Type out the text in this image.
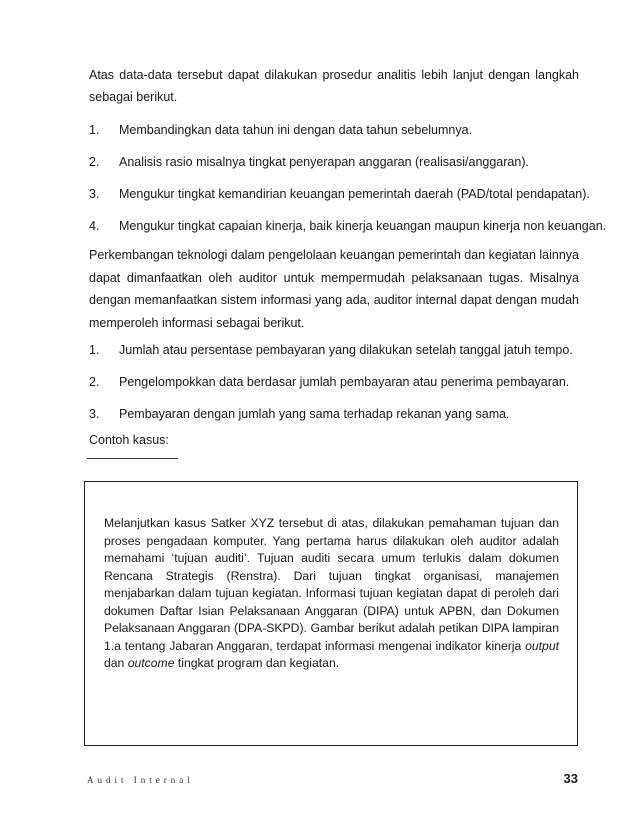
Atas data-data tersebut dapat dilakukan prosedur analitis lebih lanjut dengan langkah sebagai berikut.

1. Membandingkan data tahun ini dengan data tahun sebelumnya.
2. Analisis rasio misalnya tingkat penyerapan anggaran (realisasi/anggaran).
3. Mengukur tingkat kemandirian keuangan pemerintah daerah (PAD/total pendapatan).
4. Mengukur tingkat capaian kinerja, baik kinerja keuangan maupun kinerja non keuangan.

Perkembangan teknologi dalam pengelolaan keuangan pemerintah dan kegiatan lainnya dapat dimanfaatkan oleh auditor untuk mempermudah pelaksanaan tugas. Misalnya dengan memanfaatkan sistem informasi yang ada, auditor internal dapat dengan mudah memperoleh informasi sebagai berikut.

1. Jumlah atau persentase pembayaran yang dilakukan setelah tanggal jatuh tempo.
2. Pengelompokkan data berdasar jumlah pembayaran atau penerima pembayaran.
3. Pembayaran dengan jumlah yang sama terhadap rekanan yang sama.
Contoh kasus:

Melanjutkan kasus Satker XYZ tersebut di atas, dilakukan pemahaman tujuan dan proses pengadaan komputer. Yang pertama harus dilakukan oleh auditor adalah memahami ‘tujuan auditi’. Tujuan auditi secara umum terlukis dalam dokumen Rencana Strategis (Renstra). Dari tujuan tingkat organisasi, manajemen menjabarkan dalam tujuan kegiatan. Informasi tujuan kegiatan dapat di peroleh dari dokumen Daftar Isian Pelaksanaan Anggaran (DIPA) untuk APBN, dan Dokumen Pelaksanaan Anggaran (DPA-SKPD). Gambar berikut adalah petikan DIPA lampiran 1.a tentang Jabaran Anggaran, terdapat informasi mengenai indikator kinerja output dan outcome tingkat program dan kegiatan.

Audit Internal	33
